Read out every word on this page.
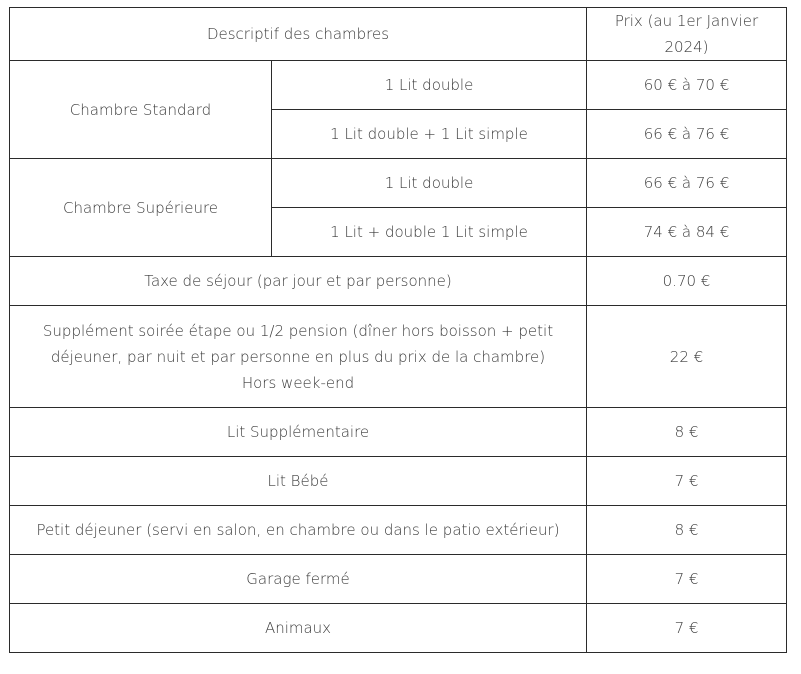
Descriptif des chambres		Prix (au 1er Janvier 2024)
Chambre Standard	1 Lit double	60 € à 70 €
	1 Lit double + 1 Lit simple	66 € à 76 €
Chambre Supérieure	1 Lit double	66 € à 76 €
	1 Lit + double 1 Lit simple	74 € à 84 €
Taxe de séjour (par jour et par personne)		0.70 €
Supplément soirée étape ou 1/2 pension (dîner hors boisson + petit déjeuner, par nuit et par personne en plus du prix de la chambre) Hors week-end		22 €
Lit Supplémentaire		8 €
Lit Bébé		7 €
Petit déjeuner (servi en salon, en chambre ou dans le patio extérieur)		8 €
Garage fermé		7 €
Animaux		7 €
